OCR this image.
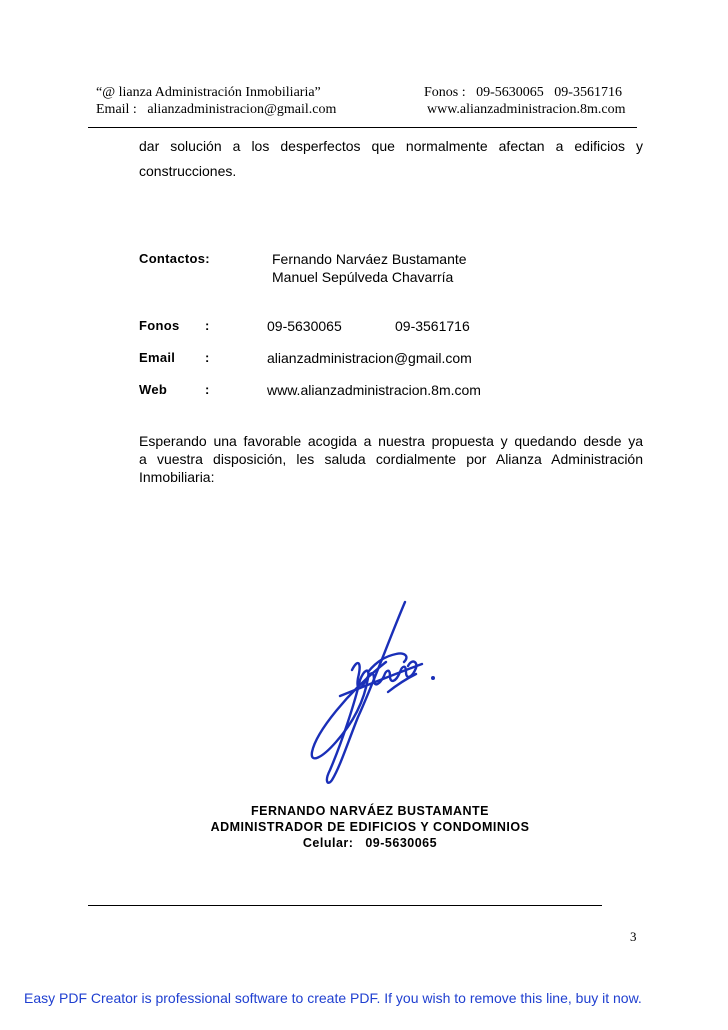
“@ lianza Administración Inmobiliaria”	Fonos : 09-5630065 09-3561716
Email : alianzadministracion@gmail.com	www.alianzadministracion.8m.com
dar solución a los desperfectos que normalmente afectan a edificios y
construcciones.
Contactos:	Fernando Narváez Bustamante
Manuel Sepúlveda Chavarría
Fonos :	09-5630065	09-3561716
Email :	alianzadministracion@gmail.com
Web	:	www.alianzadministracion.8m.com
Esperando una favorable acogida a nuestra propuesta y quedando desde ya
a vuestra disposición, les saluda cordialmente por Alianza Administración
Inmobiliaria:
FERNANDO NARVÁEZ BUSTAMANTE
ADMINISTRADOR DE EDIFICIOS Y CONDOMINIOS
Celular: 09-5630065
3
Easy PDF Creator is professional software to create PDF. If you wish to remove this line, buy it now.
